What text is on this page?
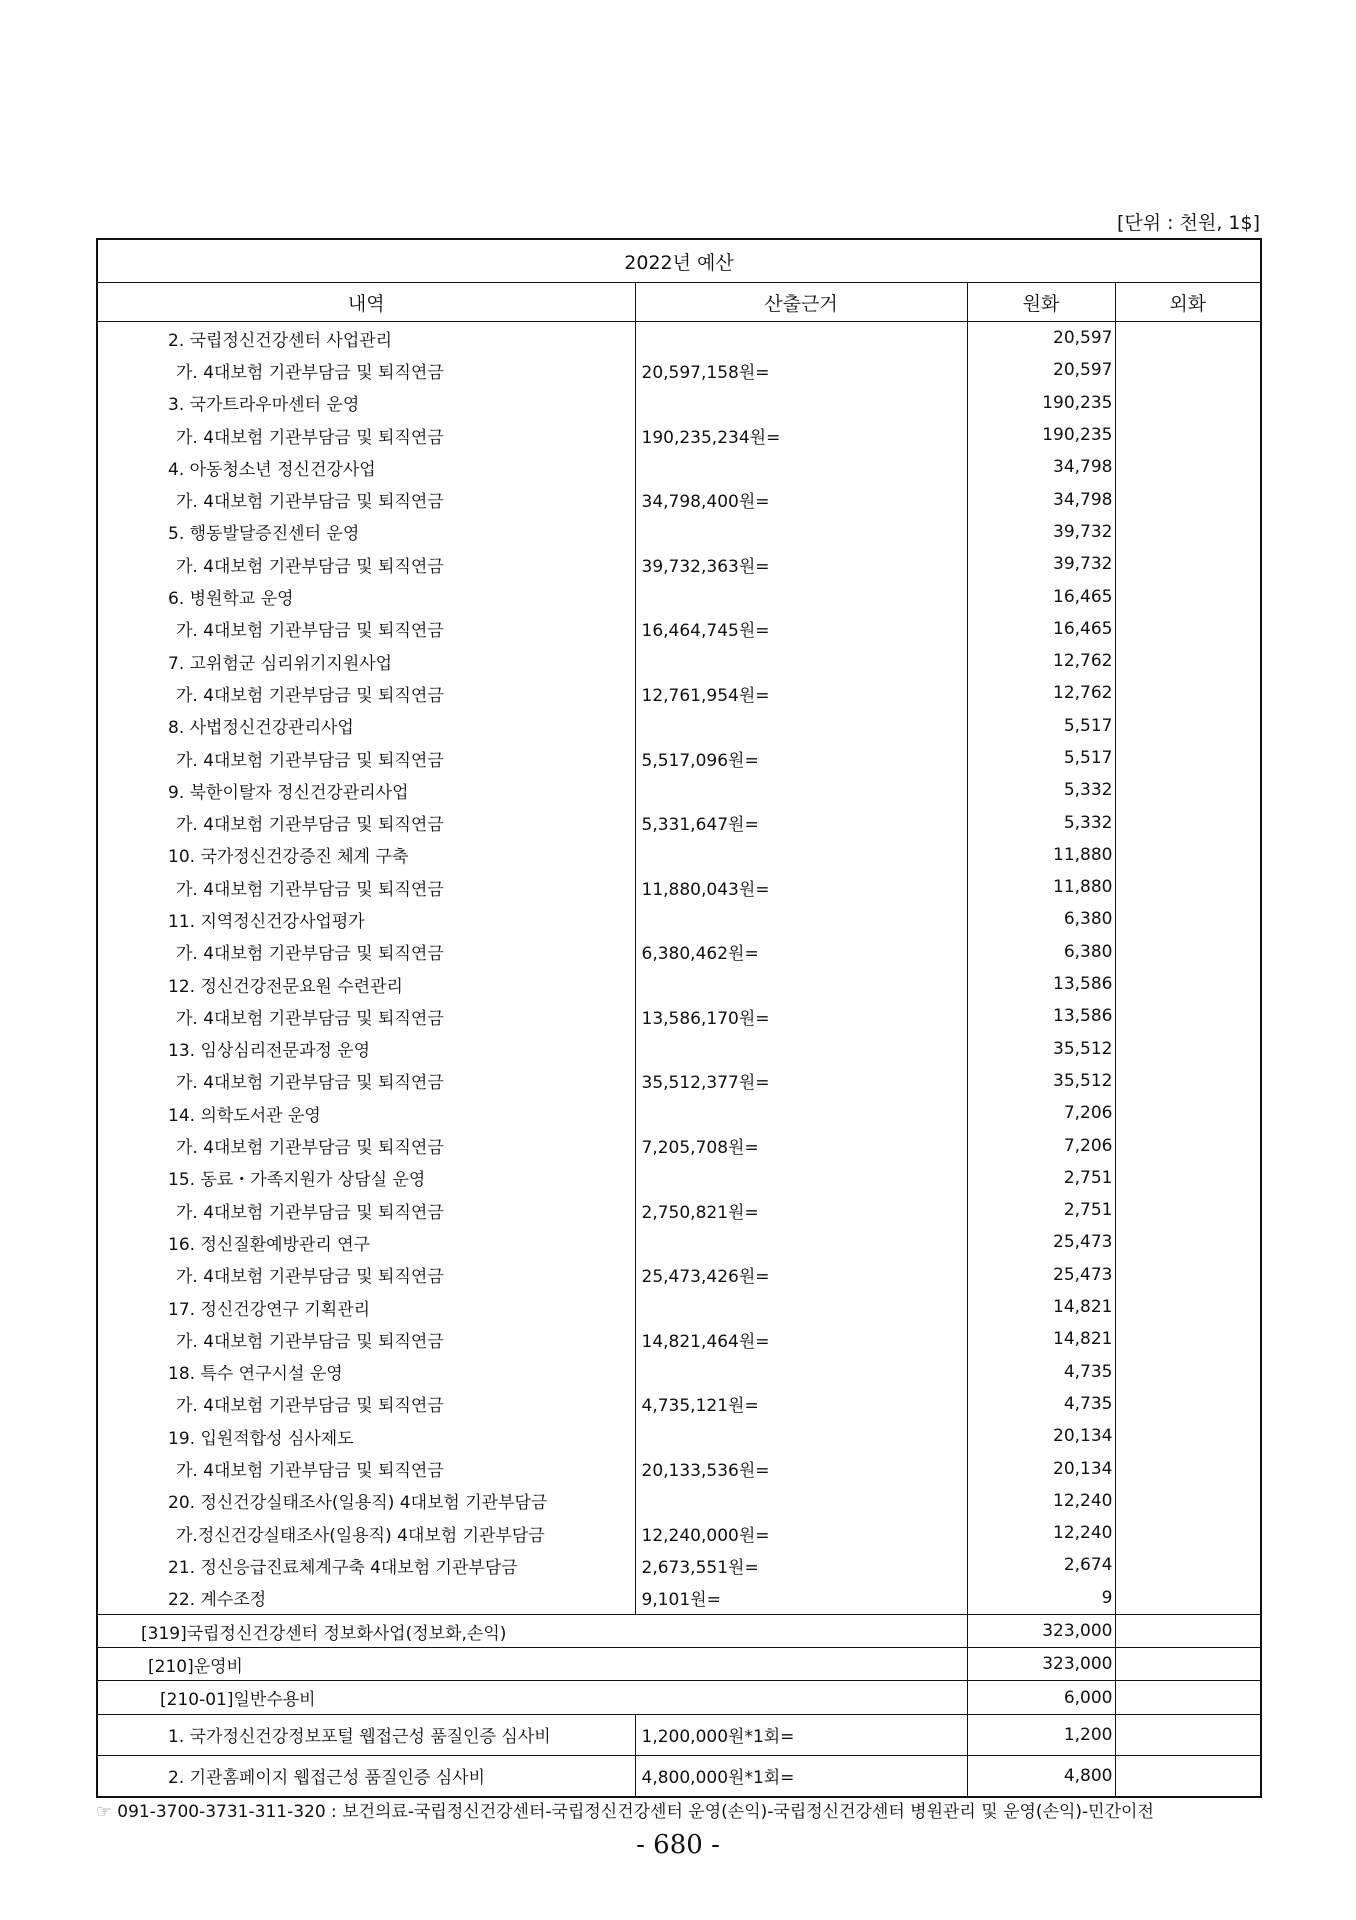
[단위 : 천원, 1$]
2022년 예산			
내역	산출근거	원화	외화
2. 국립정신건강센터 사업관리		20,597	
가. 4대보험 기관부담금 및 퇴직연금	20,597,158원=	20,597	
3. 국가트라우마센터 운영		190,235	
가. 4대보험 기관부담금 및 퇴직연금	190,235,234원=	190,235	
4. 아동청소년 정신건강사업		34,798	
가. 4대보험 기관부담금 및 퇴직연금	34,798,400원=	34,798	
5. 행동발달증진센터 운영		39,732	
가. 4대보험 기관부담금 및 퇴직연금	39,732,363원=	39,732	
6. 병원학교 운영		16,465	
가. 4대보험 기관부담금 및 퇴직연금	16,464,745원=	16,465	
7. 고위험군 심리위기지원사업		12,762	
가. 4대보험 기관부담금 및 퇴직연금	12,761,954원=	12,762	
8. 사법정신건강관리사업		5,517	
가. 4대보험 기관부담금 및 퇴직연금	5,517,096원=	5,517	
9. 북한이탈자 정신건강관리사업		5,332	
가. 4대보험 기관부담금 및 퇴직연금	5,331,647원=	5,332	
10. 국가정신건강증진 체계 구축		11,880	
가. 4대보험 기관부담금 및 퇴직연금	11,880,043원=	11,880	
11. 지역정신건강사업평가		6,380	
가. 4대보험 기관부담금 및 퇴직연금	6,380,462원=	6,380	
12. 정신건강전문요원 수련관리		13,586	
가. 4대보험 기관부담금 및 퇴직연금	13,586,170원=	13,586	
13. 임상심리전문과정 운영		35,512	
가. 4대보험 기관부담금 및 퇴직연금	35,512,377원=	35,512	
14. 의학도서관 운영		7,206	
가. 4대보험 기관부담금 및 퇴직연금	7,205,708원=	7,206	
15. 동료・가족지원가 상담실 운영		2,751	
가. 4대보험 기관부담금 및 퇴직연금	2,750,821원=	2,751	
16. 정신질환예방관리 연구		25,473	
가. 4대보험 기관부담금 및 퇴직연금	25,473,426원=	25,473	
17. 정신건강연구 기획관리		14,821	
가. 4대보험 기관부담금 및 퇴직연금	14,821,464원=	14,821	
18. 특수 연구시설 운영		4,735	
가. 4대보험 기관부담금 및 퇴직연금	4,735,121원=	4,735	
19. 입원적합성 심사제도		20,134	
가. 4대보험 기관부담금 및 퇴직연금	20,133,536원=	20,134	
20. 정신건강실태조사(일용직) 4대보험 기관부담금		12,240	
가.정신건강실태조사(일용직) 4대보험 기관부담금	12,240,000원=	12,240	
21. 정신응급진료체계구축 4대보험 기관부담금	2,673,551원=	2,674	
22. 계수조정	9,101원=	9	
[319]국립정신건강센터 정보화사업(정보화,손익)		323,000	
[210]운영비		323,000	
[210-01]일반수용비		6,000	
1. 국가정신건강정보포털 웹접근성 품질인증 심사비	1,200,000원*1회=	1,200	
2. 기관홈페이지 웹접근성 품질인증 심사비	4,800,000원*1회=	4,800	
☞ 091-3700-3731-311-320 : 보건의료-국립정신건강센터-국립정신건강센터 운영(손익)-국립정신건강센터 병원관리 및 운영(손익)-민간이전
- 680 -
